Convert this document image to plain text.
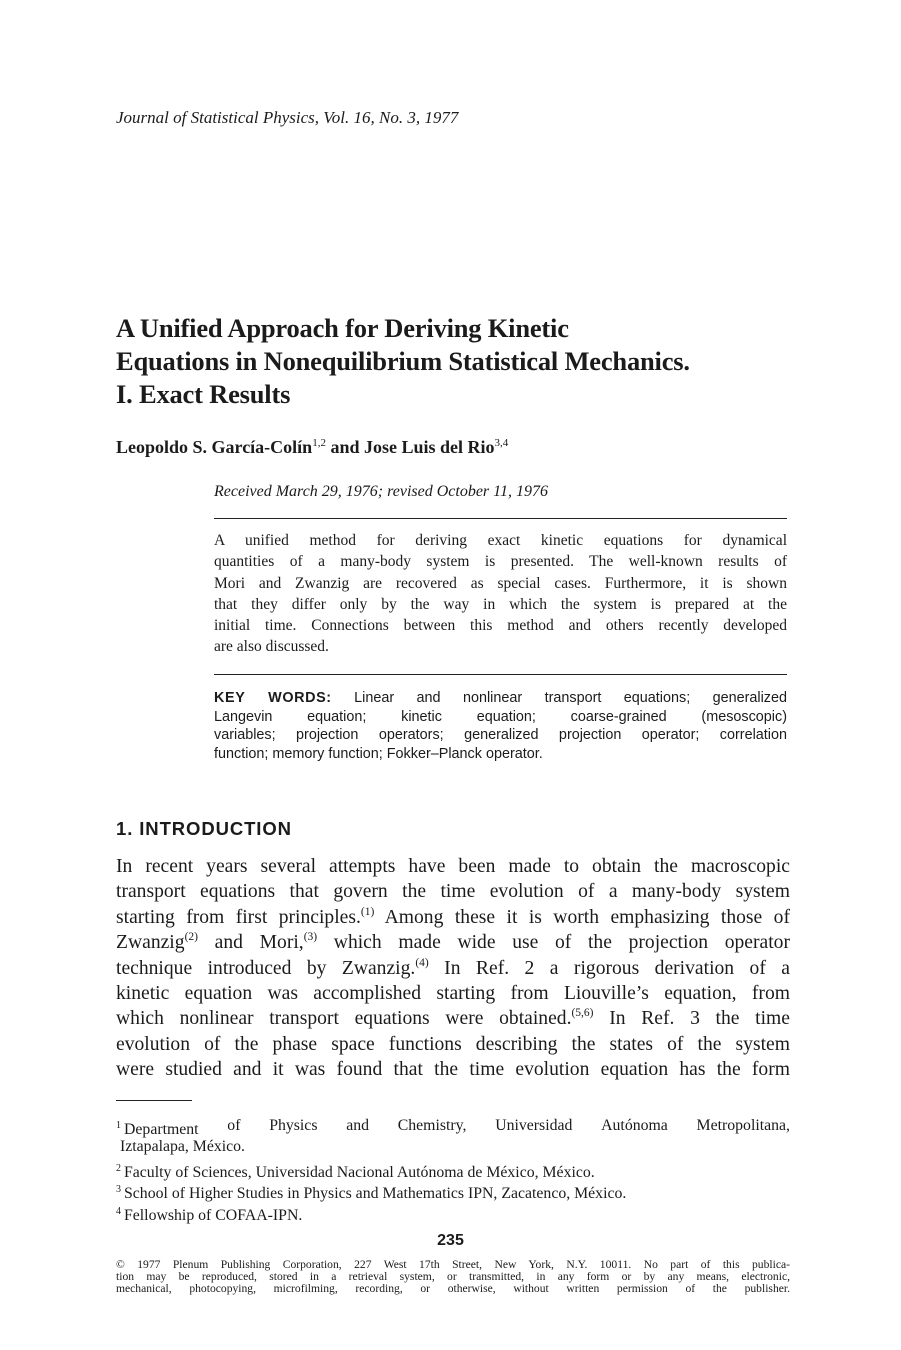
Journal of Statistical Physics, Vol. 16, No. 3, 1977
A Unified Approach for Deriving Kinetic
Equations in Nonequilibrium Statistical Mechanics.
I. Exact Results
Leopoldo S. García-Colín$^{1,2}$ and Jose Luis del Rio$^{3,4}$
Received March 29, 1976; revised October 11, 1976
A unified method for deriving exact kinetic equations for dynamical
quantities of a many-body system is presented. The well-known results of
Mori and Zwanzig are recovered as special cases. Furthermore, it is shown
that they differ only by the way in which the system is prepared at the
initial time. Connections between this method and others recently developed
are also discussed.
KEY WORDS: Linear and nonlinear transport equations; generalized
Langevin equation; kinetic equation; coarse-grained (mesoscopic)
variables; projection operators; generalized projection operator; correlation
function; memory function; Fokker–Planck operator.
1. INTRODUCTION
In recent years several attempts have been made to obtain the macroscopic
transport equations that govern the time evolution of a many-body system
starting from first principles.$^{(1)}$ Among these it is worth emphasizing those of
Zwanzig$^{(2)}$ and Mori,$^{(3)}$ which made wide use of the projection operator
technique introduced by Zwanzig.$^{(4)}$ In Ref. 2 a rigorous derivation of a
kinetic equation was accomplished starting from Liouville’s equation, from
which nonlinear transport equations were obtained.$^{(5,6)}$ In Ref. 3 the time
evolution of the phase space functions describing the states of the system
were studied and it was found that the time evolution equation has the form
$^1$ Department of Physics and Chemistry, Universidad Autónoma Metropolitana,
Iztapalapa, México.
$^2$ Faculty of Sciences, Universidad Nacional Autónoma de México, México.
$^3$ School of Higher Studies in Physics and Mathematics IPN, Zacatenco, México.
$^4$ Fellowship of COFAA-IPN.
235
© 1977 Plenum Publishing Corporation, 227 West 17th Street, New York, N.Y. 10011. No part of this publica-
tion may be reproduced, stored in a retrieval system, or transmitted, in any form or by any means, electronic,
mechanical, photocopying, microfilming, recording, or otherwise, without written permission of the publisher.
